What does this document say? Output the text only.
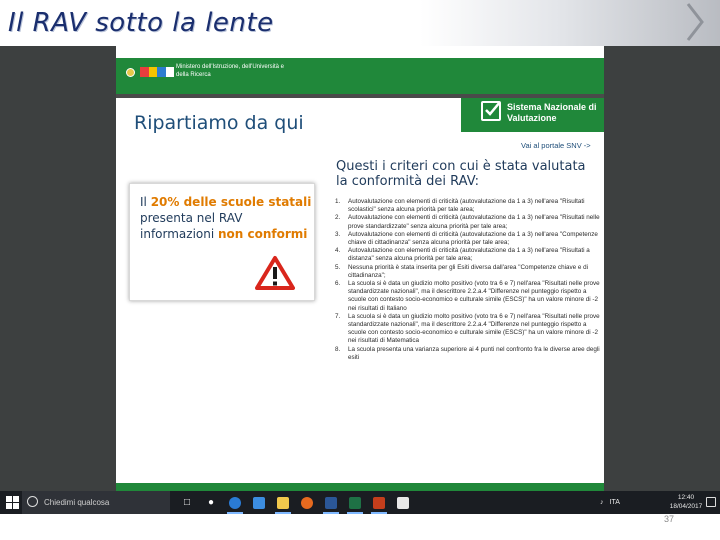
Il RAV sotto la lente
Ministero dell'Istruzione, dell'Università e della Ricerca
Ripartiamo da qui
Sistema Nazionale di Valutazione
Vai al portale SNV ->
Il 20% delle scuole statali presenta nel RAV informazioni non conformi
Questi i criteri con cui è stata valutata la conformità dei RAV:
1. Autovalutazione con elementi di criticità (autovalutazione da 1 a 3) nell'area "Risultati scolastici" senza alcuna priorità per tale area;
2. Autovalutazione con elementi di criticità (autovalutazione da 1 a 3) nell'area "Risultati nelle prove standardizzate" senza alcuna priorità per tale area;
3. Autovalutazione con elementi di criticità (autovalutazione da 1 a 3) nell'area "Competenze chiave di cittadinanza" senza alcuna priorità per tale area;
4. Autovalutazione con elementi di criticità (autovalutazione da 1 a 3) nell'area "Risultati a distanza" senza alcuna priorità per tale area;
5. Nessuna priorità è stata inserita per gli Esiti diversa dall'area "Competenze chiave e di cittadinanza";
6. La scuola si è data un giudizio molto positivo (voto tra 6 e 7) nell'area "Risultati nelle prove standardizzate nazionali", ma il descrittore 2.2.a.4 "Differenze nel punteggio rispetto a scuole con contesto socio-economico e culturale simile (ESCS)" ha un valore minore di -2 nei risultati di Italiano
7. La scuola si è data un giudizio molto positivo (voto tra 6 e 7) nell'area "Risultati nelle prove standardizzate nazionali", ma il descrittore 2.2.a.4 "Differenze nel punteggio rispetto a scuole con contesto socio-economico e culturale simile (ESCS)" ha un valore minore di -2 nei risultati di Matematica
8. La scuola presenta una varianza superiore ai 4 punti nel confronto fra le diverse aree degli esiti
Chiedimi qualcosa	□	●	♪ ITA
12:40
18/04/2017
37
